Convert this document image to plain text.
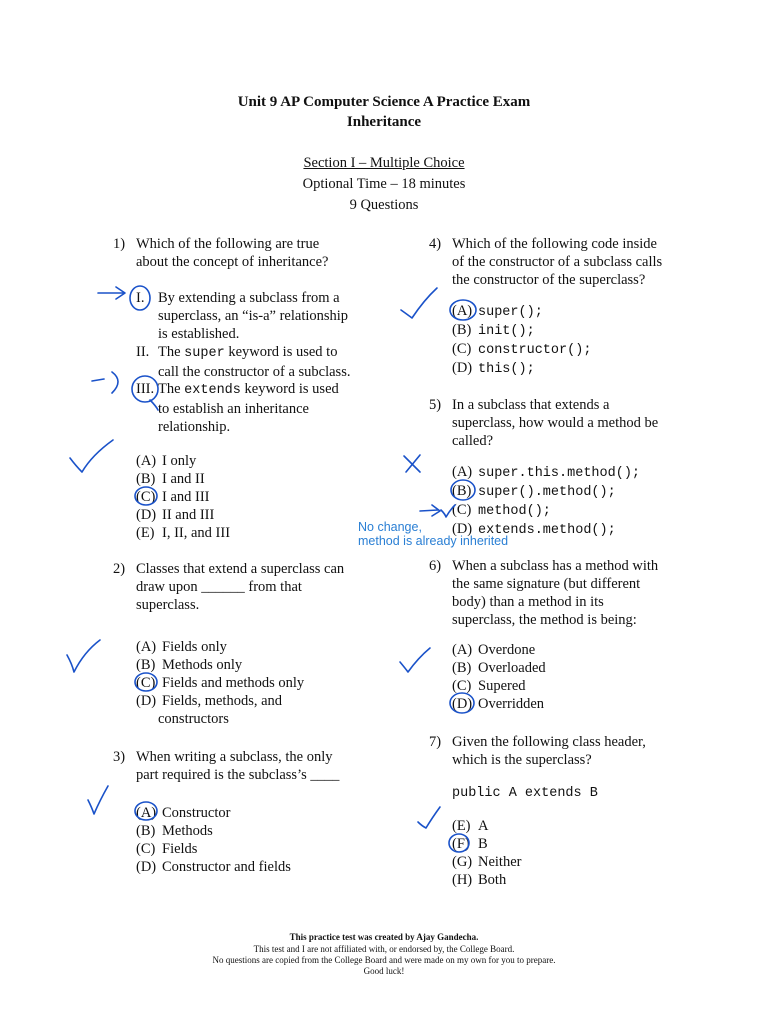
Unit 9 AP Computer Science A Practice Exam
Inheritance
Section I – Multiple Choice
Optional Time – 18 minutes
9 Questions
1) Which of the following are true
about the concept of inheritance?
I. By extending a subclass from a
superclass, an “is-a” relationship
is established.
II. The super keyword is used to
call the constructor of a subclass.
III. The extends keyword is used
to establish an inheritance
relationship.
(A) I only
(B) I and II
(C) I and III
(D) II and III
(E) I, II, and III
2) Classes that extend a superclass can
draw upon ______ from that
superclass.
(A) Fields only
(B) Methods only
(C) Fields and methods only
(D) Fields, methods, and
constructors
3) When writing a subclass, the only
part required is the subclass’s ____
(A) Constructor
(B) Methods
(C) Fields
(D) Constructor and fields
4) Which of the following code inside
of the constructor of a subclass calls
the constructor of the superclass?
(A) super();
(B) init();
(C) constructor();
(D) this();
5) In a subclass that extends a
superclass, how would a method be
called?
(A) super.this.method();
(B) super().method();
(C) method();
(D) extends.method();
No change,
method is already inherited
6) When a subclass has a method with
the same signature (but different
body) than a method in its
superclass, the method is being:
(A) Overdone
(B) Overloaded
(C) Supered
(D) Overridden
7) Given the following class header,
which is the superclass?
public A extends B
(E) A
(F) B
(G) Neither
(H) Both
This practice test was created by Ajay Gandecha.
This test and I are not affiliated with, or endorsed by, the College Board.
No questions are copied from the College Board and were made on my own for you to prepare.
Good luck!
